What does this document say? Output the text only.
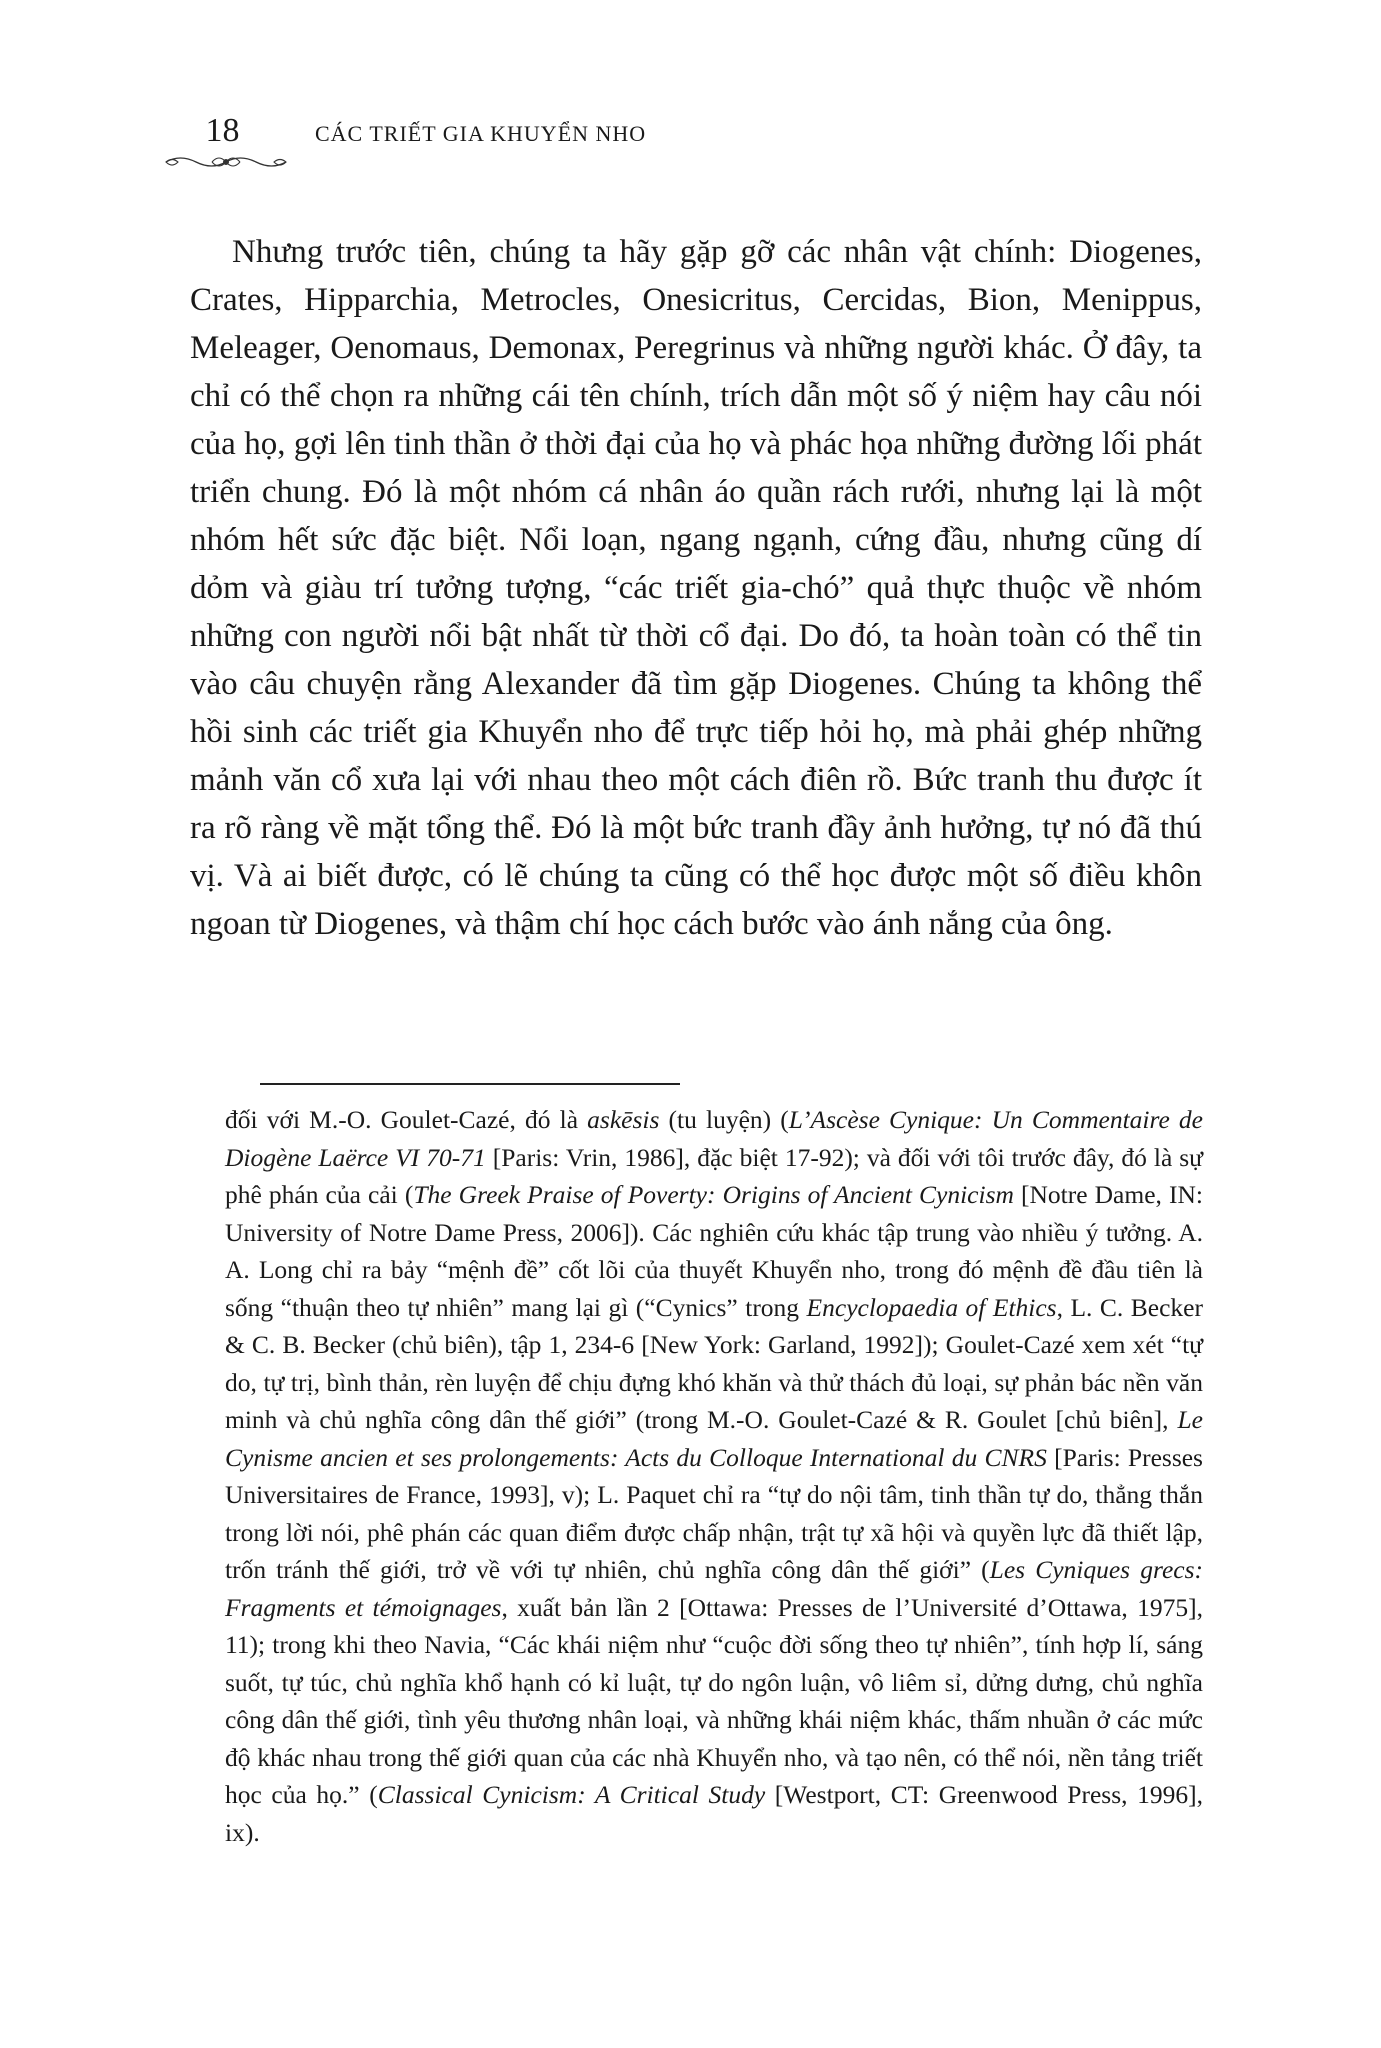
18	CÁC TRIẾT GIA KHUYỂN NHO

Nhưng trước tiên, chúng ta hãy gặp gỡ các nhân vật chính: Diogenes, Crates, Hipparchia, Metrocles, Onesicritus, Cercidas, Bion, Menippus, Meleager, Oenomaus, Demonax, Peregrinus và những người khác. Ở đây, ta chỉ có thể chọn ra những cái tên chính, trích dẫn một số ý niệm hay câu nói của họ, gợi lên tinh thần ở thời đại của họ và phác họa những đường lối phát triển chung. Đó là một nhóm cá nhân áo quần rách rưới, nhưng lại là một nhóm hết sức đặc biệt. Nổi loạn, ngang ngạnh, cứng đầu, nhưng cũng dí dỏm và giàu trí tưởng tượng, “các triết gia-chó” quả thực thuộc về nhóm những con người nổi bật nhất từ thời cổ đại. Do đó, ta hoàn toàn có thể tin vào câu chuyện rằng Alexander đã tìm gặp Diogenes. Chúng ta không thể hồi sinh các triết gia Khuyển nho để trực tiếp hỏi họ, mà phải ghép những mảnh văn cổ xưa lại với nhau theo một cách điên rồ. Bức tranh thu được ít ra rõ ràng về mặt tổng thể. Đó là một bức tranh đầy ảnh hưởng, tự nó đã thú vị. Và ai biết được, có lẽ chúng ta cũng có thể học được một số điều khôn ngoan từ Diogenes, và thậm chí học cách bước vào ánh nắng của ông.

đối với M.-O. Goulet-Cazé, đó là askēsis (tu luyện) (L’Ascèse Cynique: Un Commentaire de Diogène Laërce VI 70-71 [Paris: Vrin, 1986], đặc biệt 17-92); và đối với tôi trước đây, đó là sự phê phán của cải (The Greek Praise of Poverty: Origins of Ancient Cynicism [Notre Dame, IN: University of Notre Dame Press, 2006]). Các nghiên cứu khác tập trung vào nhiều ý tưởng. A. A. Long chỉ ra bảy “mệnh đề” cốt lõi của thuyết Khuyển nho, trong đó mệnh đề đầu tiên là sống “thuận theo tự nhiên” mang lại gì (“Cynics” trong Encyclopaedia of Ethics, L. C. Becker & C. B. Becker (chủ biên), tập 1, 234-6 [New York: Garland, 1992]); Goulet-Cazé xem xét “tự do, tự trị, bình thản, rèn luyện để chịu đựng khó khăn và thử thách đủ loại, sự phản bác nền văn minh và chủ nghĩa công dân thế giới” (trong M.-O. Goulet-Cazé & R. Goulet [chủ biên], Le Cynisme ancien et ses prolongements: Acts du Colloque International du CNRS [Paris: Presses Universitaires de France, 1993], v); L. Paquet chỉ ra “tự do nội tâm, tinh thần tự do, thẳng thắn trong lời nói, phê phán các quan điểm được chấp nhận, trật tự xã hội và quyền lực đã thiết lập, trốn tránh thế giới, trở về với tự nhiên, chủ nghĩa công dân thế giới” (Les Cyniques grecs: Fragments et témoignages, xuất bản lần 2 [Ottawa: Presses de l’Université d’Ottawa, 1975], 11); trong khi theo Navia, “Các khái niệm như “cuộc đời sống theo tự nhiên”, tính hợp lí, sáng suốt, tự túc, chủ nghĩa khổ hạnh có kỉ luật, tự do ngôn luận, vô liêm sỉ, dửng dưng, chủ nghĩa công dân thế giới, tình yêu thương nhân loại, và những khái niệm khác, thấm nhuần ở các mức độ khác nhau trong thế giới quan của các nhà Khuyển nho, và tạo nên, có thể nói, nền tảng triết học của họ.” (Classical Cynicism: A Critical Study [Westport, CT: Greenwood Press, 1996], ix).
